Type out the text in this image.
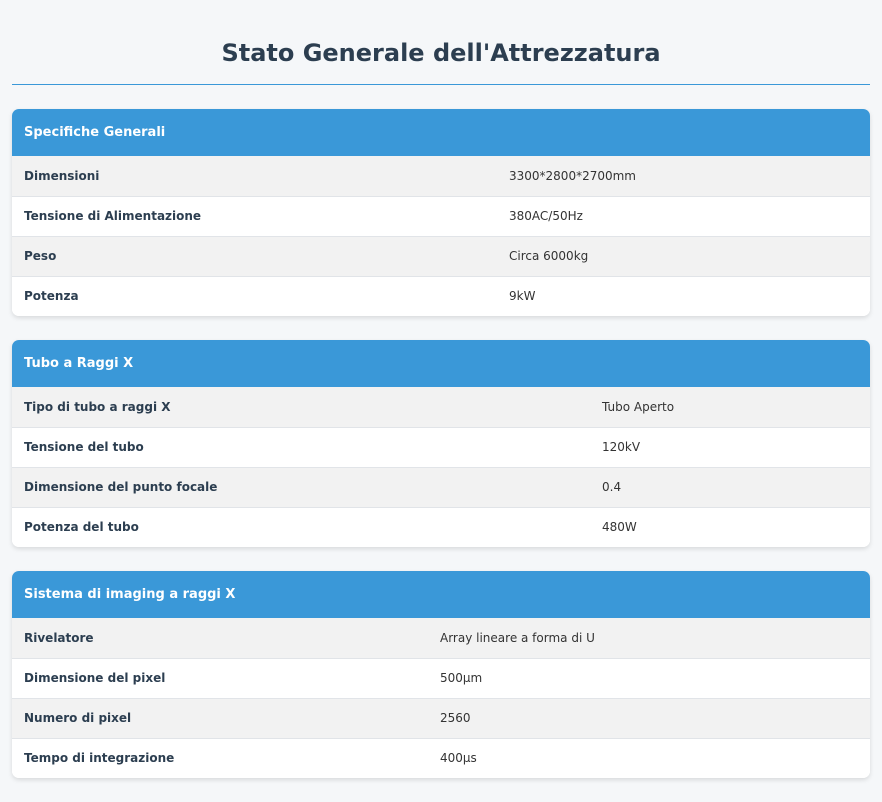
Stato Generale dell'Attrezzatura
Specifiche Generali
Dimensioni	3300*2800*2700mm
Tensione di Alimentazione	380AC/50Hz
Peso	Circa 6000kg
Potenza	9kW
Tubo a Raggi X
Tipo di tubo a raggi X	Tubo Aperto
Tensione del tubo	120kV
Dimensione del punto focale	0.4
Potenza del tubo	480W
Sistema di imaging a raggi X
Rivelatore	Array lineare a forma di U
Dimensione del pixel	500μm
Numero di pixel	2560
Tempo di integrazione	400μs
